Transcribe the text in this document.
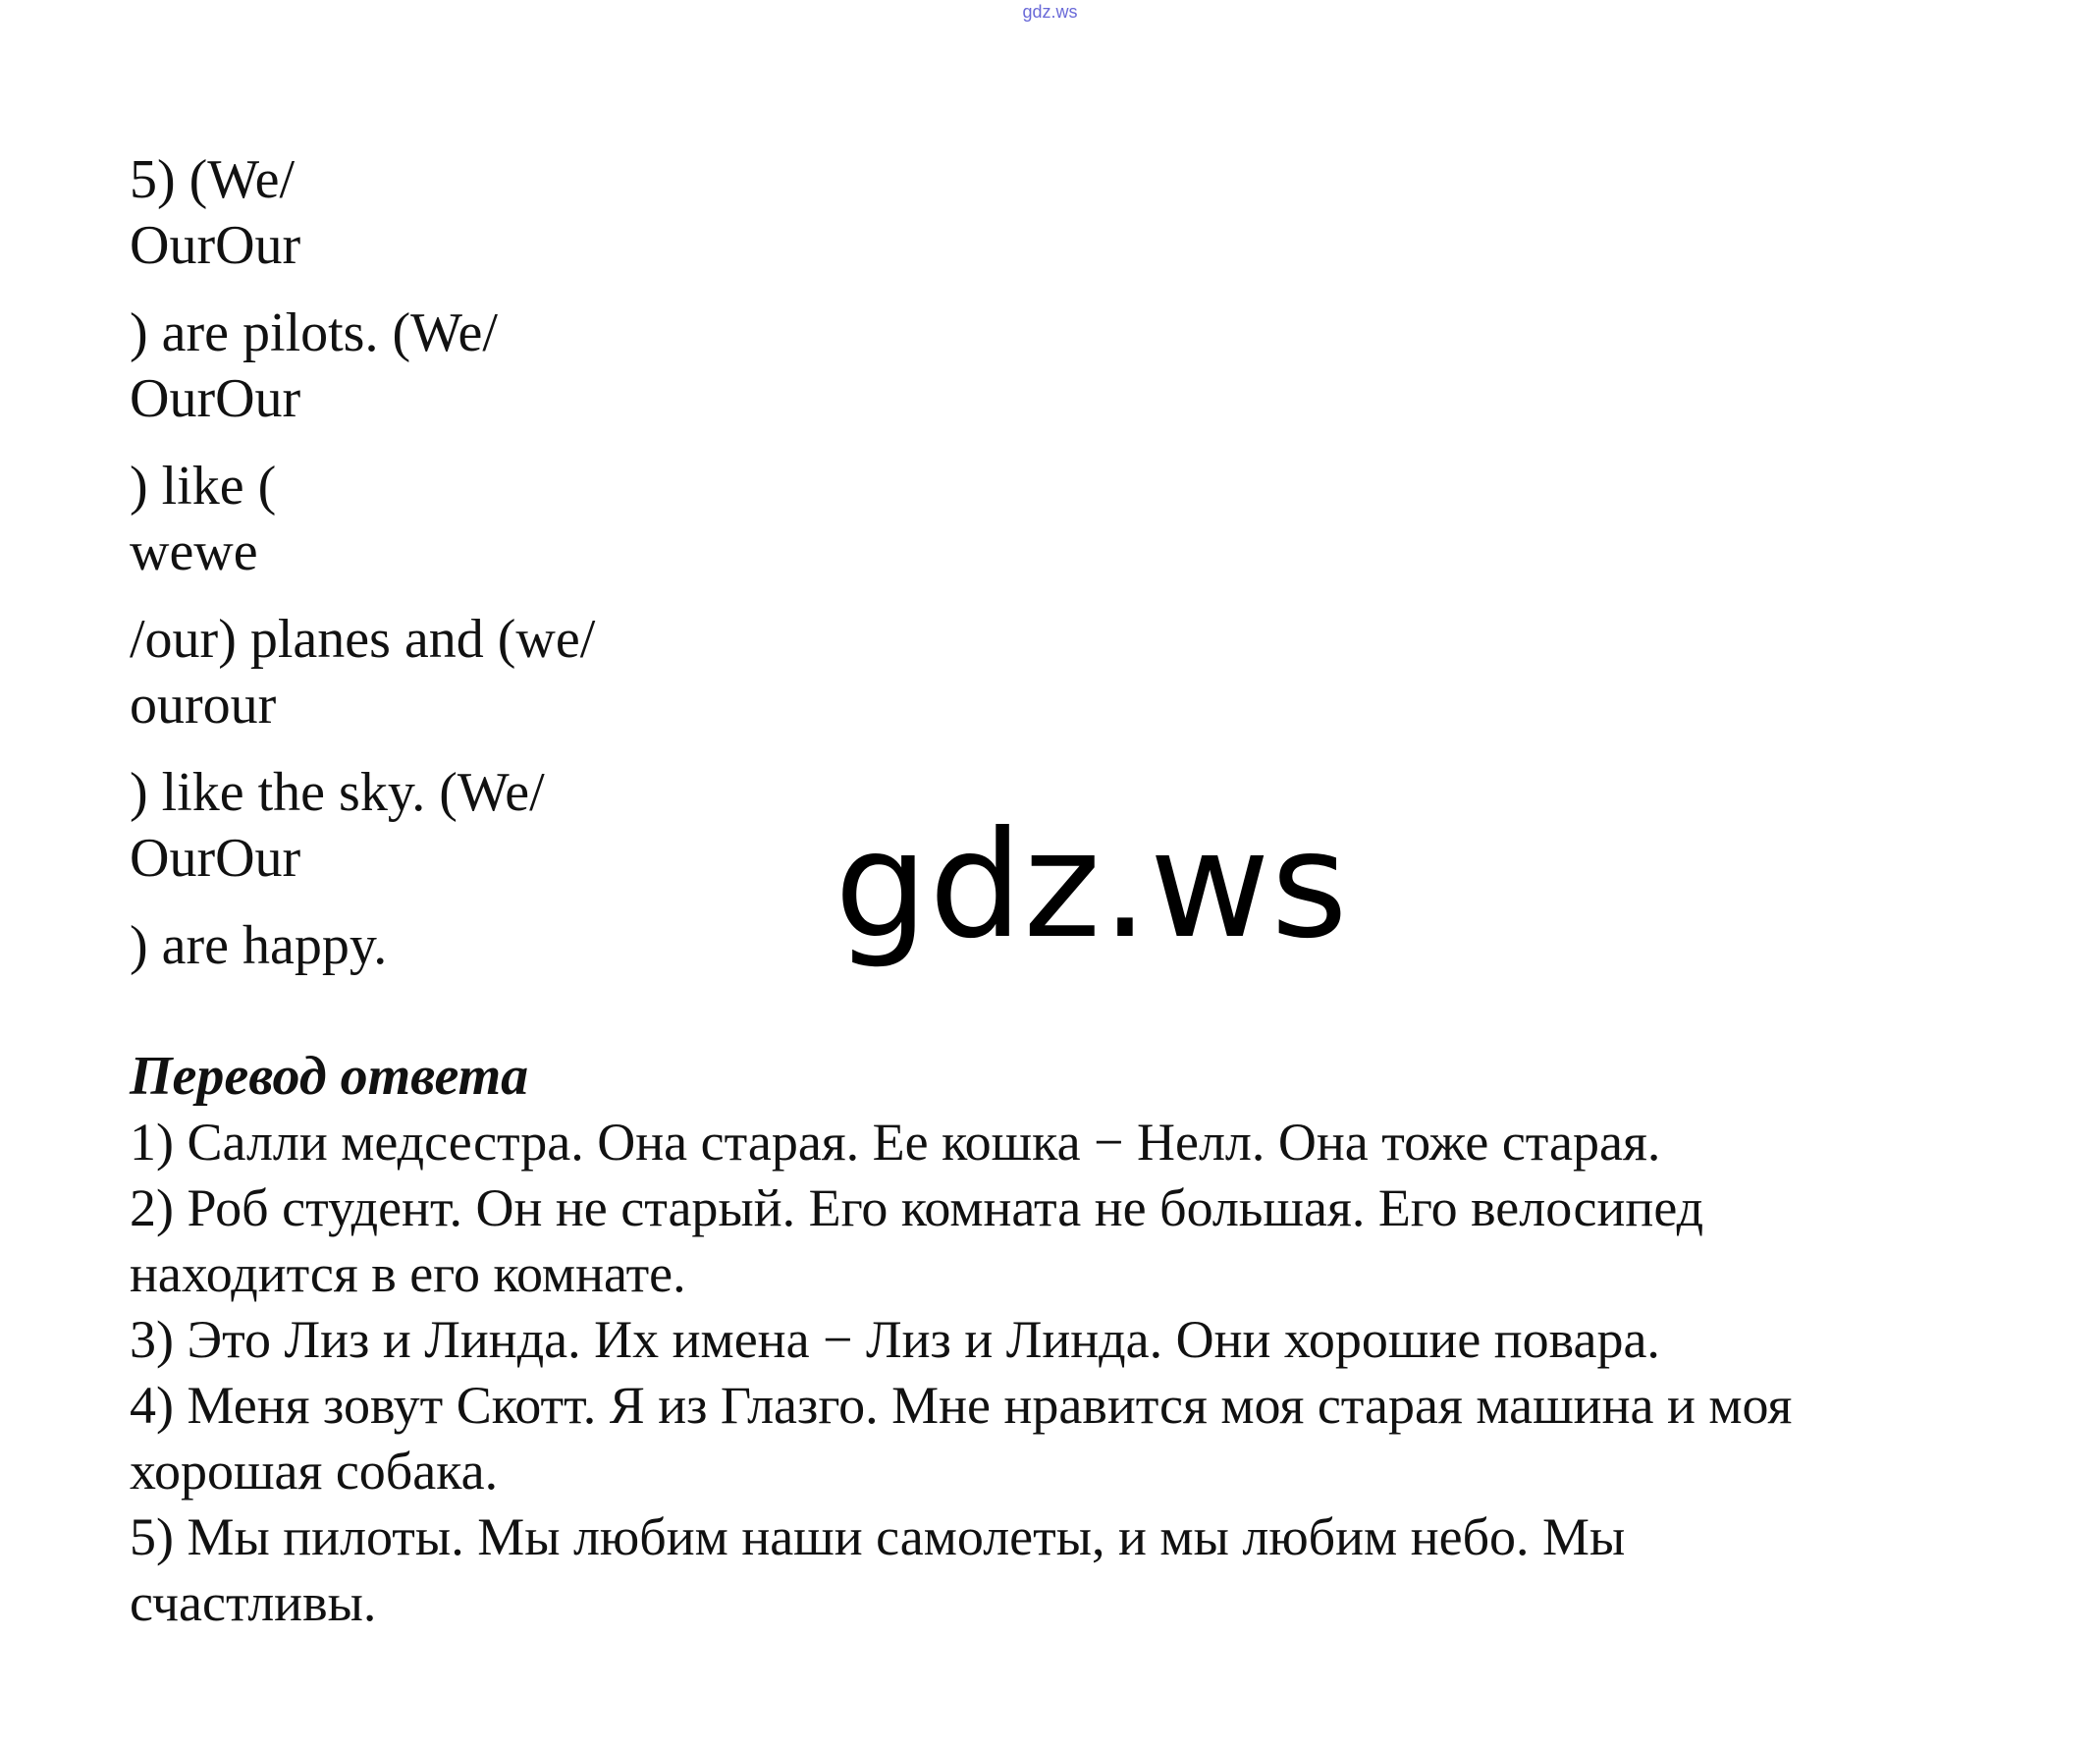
gdz.ws

5) (We/

OurOur

) are pilots. (We/

OurOur

) like (

wewe

/our) planes and (we/

ourour

) like the sky. (We/

OurOur

) are happy.	gdz.ws

Перевод ответа

1) Салли медсестра. Она старая. Ее кошка − Нелл. Она тоже старая.

2) Роб студент. Он не старый. Его комната не большая. Его велосипед

находится в его комнате.

3) Это Лиз и Линда. Их имена − Лиз и Линда. Они хорошие повара.

4) Меня зовут Скотт. Я из Глазго. Мне нравится моя старая машина и моя

хорошая собака.

5) Мы пилоты. Мы любим наши самолеты, и мы любим небо. Мы

счастливы.
